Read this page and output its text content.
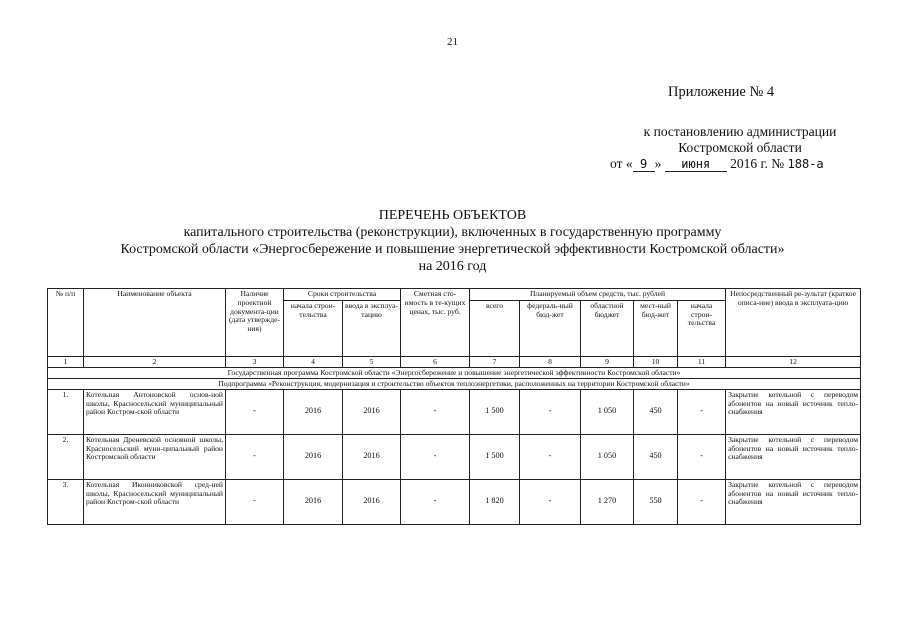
21
Приложение № 4
к постановлению администрации
Костромской области
от « 9 » июня 2016 г. № 188-а
ПЕРЕЧЕНЬ ОБЪЕКТОВ
капитального строительства (реконструкции), включенных в государственную программу
Костромской области «Энергосбережение и повышение энергетической эффективности Костромской области»
на 2016 год
№ п/п	Наименование объекта	Наличие проектной документа-ции (дата утвержде-ния)	Сроки строительства		Сметная сто-имость в те-кущих ценах, тыс. руб.	Планируемый объем средств, тыс. рублей					Непосредственный ре-зультат (краткое описа-ние) ввода в эксплуата-цию
			начала строи-тельства	ввода в эксплуа-тацию		всего	федераль-ный бюд-жет	областной бюджет	мест-ный бюд-жет	начала строи-тельства	
1	2	3	4	5	6	7	8	9	10	11	12
Государственная программа Костромской области «Энергосбережение и повышение энергетической эффективности Костромской области»											
Подпрограмма «Реконструкция, модернизация и строительство объектов теплоэнергетики, расположенных на территории Костромской области»											
1.	Котельная Антоновской основ-ной школы, Красносельский муниципальный район Костром-ской области	-	2016	2016	-	1 500	-	1 050	450	-	Закрытие котельной с переводом абонентов на новый источник тепло-снабжения
2.	Котельная Дреневской основной школы, Красносельский муни-ципальный район Костромской области	-	2016	2016	-	1 500	-	1 050	450	-	Закрытие котельной с переводом абонентов на новый источник тепло-снабжения
3.	Котельная Иконниковской сред-ней школы, Красносельский муниципальный район Костром-ской области	-	2016	2016	-	1 820	-	1 270	550	-	Закрытие котельной с переводом абонентов на новый источник тепло-снабжения
